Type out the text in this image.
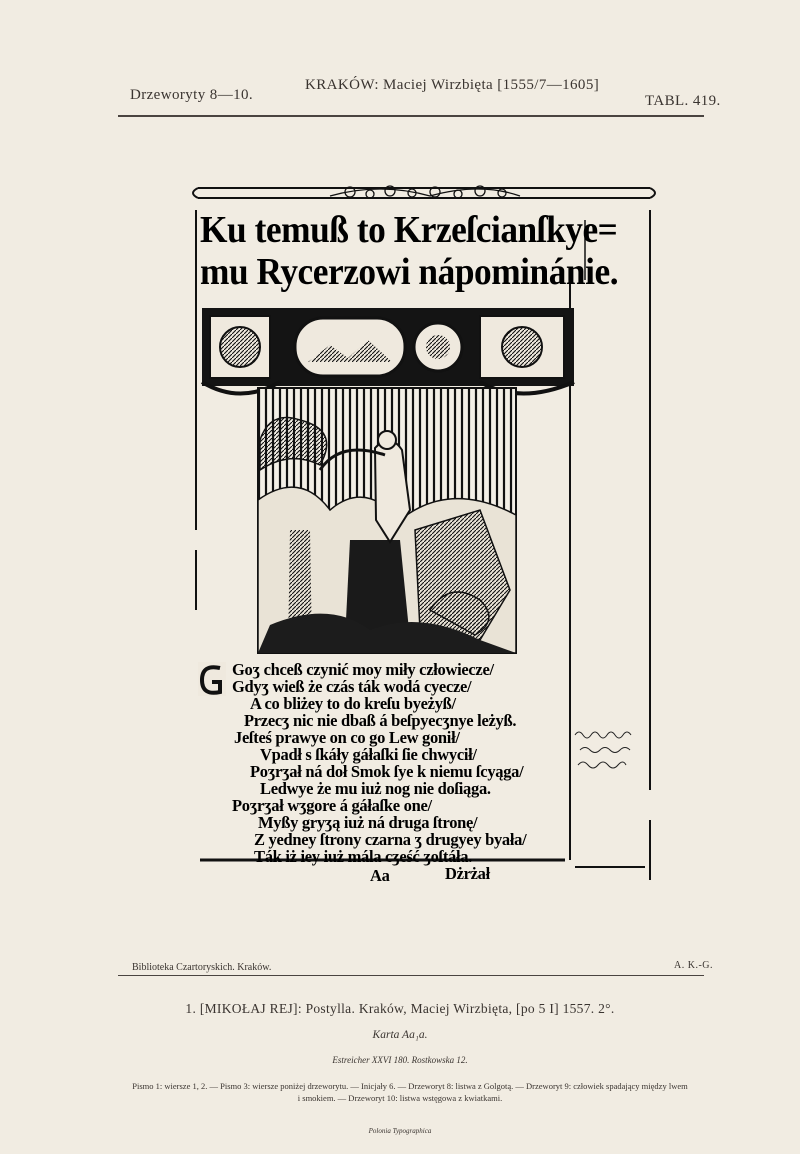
Drzeworyty 8—10.
KRAKÓW: Maciej Wirzbięta [1555/7—1605]
TABL. 419.
Ku temuß to Krzeſcianſkye=
mu Rycerzowi nápominánie.
Goʒ chceß czynić moy miły człowiecze/
Gdyʒ wieß że czás ták wodá cyecze/
A co bliżey to do kreſu byeżyß/
Przecʒ nic nie dbaß á beſpyecʒnye leżyß.
Jeſteś prawye on co go Lew gonił/
Vpadł s ſkáły gáłaſki ſie chwycił/
Poʒrʒał ná doł Smok ſye k niemu ſcyąga/
Ledwye że mu iuż nog nie doſiąga.
Poʒrʒał wʒgore á gáłaſke one/
Myßy gryʒą iuż ná druga ſtronę/
Z yedney ſtrony czarna ʒ drugyey byała/
Ták iż iey iuż mála cʒeść ʒoſtáła.
Aa	Dżrżał
Biblioteka Czartoryskich. Kraków.	A. K.-G.
1. [MIKOŁAJ REJ]: Postylla. Kraków, Maciej Wirzbięta, [po 5 I] 1557. 2°.
Karta Aa₁a.
Estreicher XXVI 180. Rostkowska 12.
Pismo 1: wiersze 1, 2. — Pismo 3: wiersze poniżej drzeworytu. — Inicjały 6. — Drzeworyt 8: listwa z Golgotą. — Drzeworyt 9: człowiek spadający między lwem
i smokiem. — Drzeworyt 10: listwa wstęgowa z kwiatkami.
Polonia Typographica
